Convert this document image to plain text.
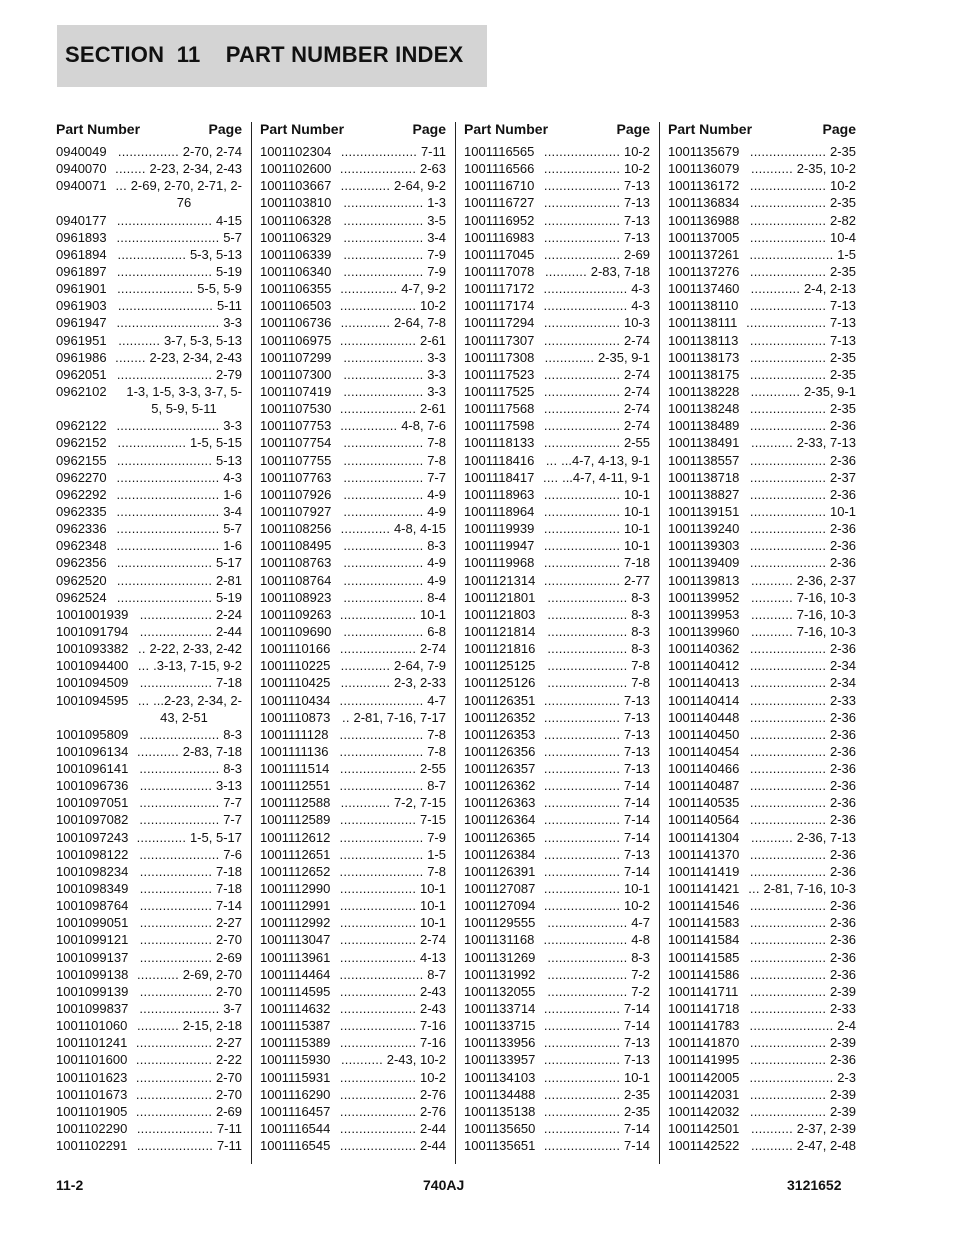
SECTION  11    PART NUMBER INDEX
Part Number	Page
0940049 ................ 2-70, 2-74
0940070 ........ 2-23, 2-34, 2-43
0940071 ... 2-69, 2-70, 2-71, 2-
76
0940177 ......................... 4-15
0961893 ........................... 5-7
0961894 .................. 5-3, 5-13
0961897 ......................... 5-19
0961901 .................... 5-5, 5-9
0961903 ......................... 5-11
0961947 ........................... 3-3
0961951 ........... 3-7, 5-3, 5-13
0961986 ........ 2-23, 2-34, 2-43
0962051 ......................... 2-79
0962102 1-3, 1-5, 3-3, 3-7, 5-
5, 5-9, 5-11
0962122 ........................... 3-3
0962152 .................. 1-5, 5-15
0962155 ......................... 5-13
0962270 ........................... 4-3
0962292 ........................... 1-6
0962335 ........................... 3-4
0962336 ........................... 5-7
0962348 ........................... 1-6
0962356 ......................... 5-17
0962520 ......................... 2-81
0962524 ......................... 5-19
1001001939 ................... 2-24
1001091794 ................... 2-44
1001093382 .. 2-22, 2-33, 2-42
1001094400 ... .3-13, 7-15, 9-2
1001094509 ................... 7-18
1001094595 ... ...2-23, 2-34, 2-
43, 2-51
1001095809 ..................... 8-3
1001096134 ........... 2-83, 7-18
1001096141 ..................... 8-3
1001096736 ................... 3-13
1001097051 ..................... 7-7
1001097082 ..................... 7-7
1001097243 ............. 1-5, 5-17
1001098122 ..................... 7-6
1001098234 ................... 7-18
1001098349 ................... 7-18
1001098764 ................... 7-14
1001099051 ................... 2-27
1001099121 ................... 2-70
1001099137 ................... 2-69
1001099138 ........... 2-69, 2-70
1001099139 ................... 2-70
1001099837 ..................... 3-7
1001101060 ........... 2-15, 2-18
1001101241 .................... 2-27
1001101600 .................... 2-22
1001101623 .................... 2-70
1001101673 .................... 2-70
1001101905 .................... 2-69
1001102290 .................... 7-11
1001102291 .................... 7-11
Part Number	Page
1001102304 .................... 7-11
1001102600 .................... 2-63
1001103667 ............. 2-64, 9-2
1001103810 ..................... 1-3
1001106328 ..................... 3-5
1001106329 ..................... 3-4
1001106339 ..................... 7-9
1001106340 ..................... 7-9
1001106355 ............... 4-7, 9-2
1001106503 .................... 10-2
1001106736 ............. 2-64, 7-8
1001106975 .................... 2-61
1001107299 ..................... 3-3
1001107300 ..................... 3-3
1001107419 ..................... 3-3
1001107530 .................... 2-61
1001107753 ............... 4-8, 7-6
1001107754 ..................... 7-8
1001107755 ..................... 7-8
1001107763 ..................... 7-7
1001107926 ..................... 4-9
1001107927 ..................... 4-9
1001108256 ............. 4-8, 4-15
1001108495 ..................... 8-3
1001108763 ..................... 4-9
1001108764 ..................... 4-9
1001108923 ..................... 8-4
1001109263 .................... 10-1
1001109690 ..................... 6-8
1001110166 .................... 2-74
1001110225 ............. 2-64, 7-9
1001110425 ............. 2-3, 2-33
1001110434 ...................... 4-7
1001110873 .. 2-81, 7-16, 7-17
1001111128 ...................... 7-8
1001111136 ...................... 7-8
1001111514 .................... 2-55
1001112551 ...................... 8-7
1001112588 ............. 7-2, 7-15
1001112589 .................... 7-15
1001112612 ...................... 7-9
1001112651 ...................... 1-5
1001112652 ...................... 7-8
1001112990 .................... 10-1
1001112991 .................... 10-1
1001112992 .................... 10-1
1001113047 .................... 2-74
1001113961 .................... 4-13
1001114464 ...................... 8-7
1001114595 .................... 2-43
1001114632 .................... 2-43
1001115387 .................... 7-16
1001115389 .................... 7-16
1001115930 ........... 2-43, 10-2
1001115931 .................... 10-2
1001116290 .................... 2-76
1001116457 .................... 2-76
1001116544 .................... 2-44
1001116545 .................... 2-44
Part Number	Page
1001116565 .................... 10-2
1001116566 .................... 10-2
1001116710 .................... 7-13
1001116727 .................... 7-13
1001116952 .................... 7-13
1001116983 .................... 7-13
1001117045 .................... 2-69
1001117078 ........... 2-83, 7-18
1001117172 ...................... 4-3
1001117174 ...................... 4-3
1001117294 .................... 10-3
1001117307 .................... 2-74
1001117308 ............. 2-35, 9-1
1001117523 .................... 2-74
1001117525 .................... 2-74
1001117568 .................... 2-74
1001117598 .................... 2-74
1001118133 .................... 2-55
1001118416 ... ...4-7, 4-13, 9-1
1001118417 .... ...4-7, 4-11, 9-1
1001118963 .................... 10-1
1001118964 .................... 10-1
1001119939 .................... 10-1
1001119947 .................... 10-1
1001119968 .................... 7-18
1001121314 .................... 2-77
1001121801 ..................... 8-3
1001121803 ..................... 8-3
1001121814 ..................... 8-3
1001121816 ..................... 8-3
1001125125 ..................... 7-8
1001125126 ..................... 7-8
1001126351 .................... 7-13
1001126352 .................... 7-13
1001126353 .................... 7-13
1001126356 .................... 7-13
1001126357 .................... 7-13
1001126362 .................... 7-14
1001126363 .................... 7-14
1001126364 .................... 7-14
1001126365 .................... 7-14
1001126384 .................... 7-13
1001126391 .................... 7-14
1001127087 .................... 10-1
1001127094 .................... 10-2
1001129555 ..................... 4-7
1001131168 ...................... 4-8
1001131269 ..................... 8-3
1001131992 ..................... 7-2
1001132055 ..................... 7-2
1001133714 .................... 7-14
1001133715 .................... 7-14
1001133956 .................... 7-13
1001133957 .................... 7-13
1001134103 .................... 10-1
1001134488 .................... 2-35
1001135138 .................... 2-35
1001135650 .................... 7-14
1001135651 .................... 7-14
Part Number	Page
1001135679 .................... 2-35
1001136079 ........... 2-35, 10-2
1001136172 .................... 10-2
1001136834 .................... 2-35
1001136988 .................... 2-82
1001137005 .................... 10-4
1001137261 ...................... 1-5
1001137276 .................... 2-35
1001137460 ............. 2-4, 2-13
1001138110 .................... 7-13
1001138111 ..................... 7-13
1001138113 .................... 7-13
1001138173 .................... 2-35
1001138175 .................... 2-35
1001138228 ............. 2-35, 9-1
1001138248 .................... 2-35
1001138489 .................... 2-36
1001138491 ........... 2-33, 7-13
1001138557 .................... 2-36
1001138718 .................... 2-37
1001138827 .................... 2-36
1001139151 .................... 10-1
1001139240 .................... 2-36
1001139303 .................... 2-36
1001139409 .................... 2-36
1001139813 ........... 2-36, 2-37
1001139952 ........... 7-16, 10-3
1001139953 ........... 7-16, 10-3
1001139960 ........... 7-16, 10-3
1001140362 .................... 2-36
1001140412 .................... 2-34
1001140413 .................... 2-34
1001140414 .................... 2-33
1001140448 .................... 2-36
1001140450 .................... 2-36
1001140454 .................... 2-36
1001140466 .................... 2-36
1001140487 .................... 2-36
1001140535 .................... 2-36
1001140564 .................... 2-36
1001141304 ........... 2-36, 7-13
1001141370 .................... 2-36
1001141419 .................... 2-36
1001141421 ... 2-81, 7-16, 10-3
1001141546 .................... 2-36
1001141583 .................... 2-36
1001141584 .................... 2-36
1001141585 .................... 2-36
1001141586 .................... 2-36
1001141711 .................... 2-39
1001141718 .................... 2-33
1001141783 ...................... 2-4
1001141870 .................... 2-39
1001141995 .................... 2-36
1001142005 ...................... 2-3
1001142031 .................... 2-39
1001142032 .................... 2-39
1001142501 ........... 2-37, 2-39
1001142522 ........... 2-47, 2-48
11-2	740AJ	3121652
